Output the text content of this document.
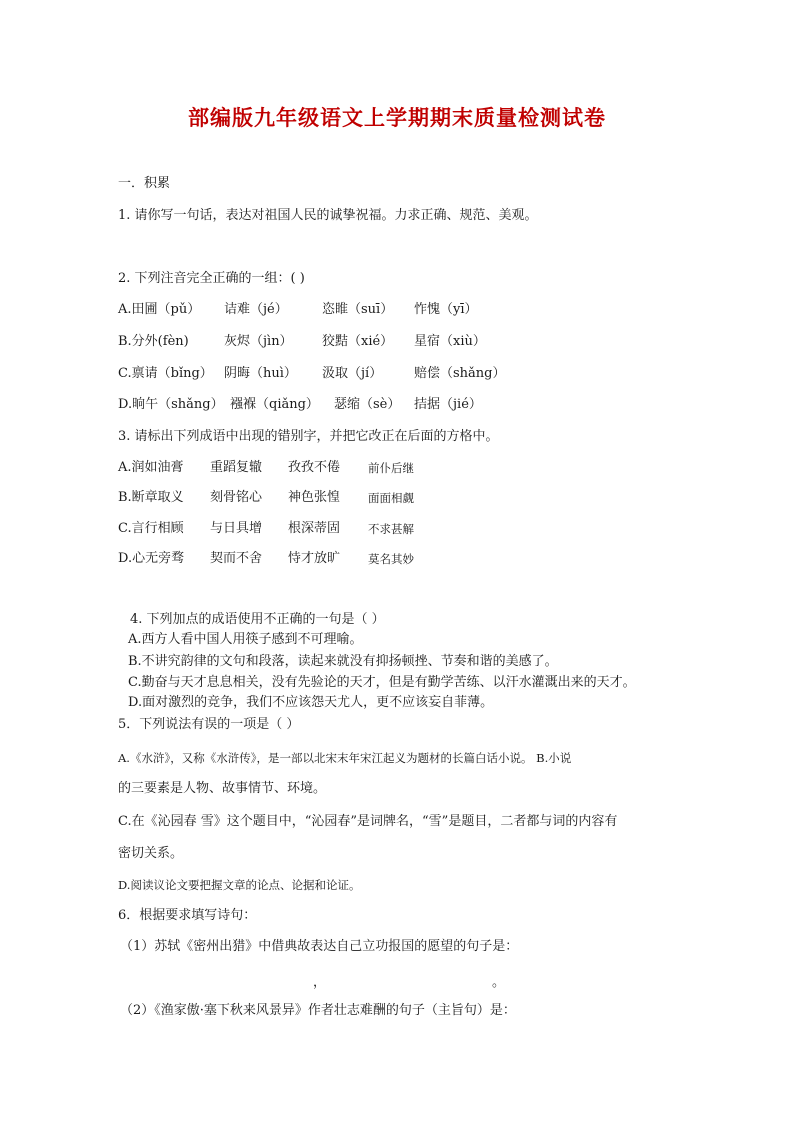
部编版九年级语文上学期期末质量检测试卷
一．积累
1. 请你写一句话，表达对祖国人民的诚挚祝福。力求正确、规范、美观。
2. 下列注音完全正确的一组：( )
A.田圃（pǔ） 诘难（jé）	恣睢（suī） 怍愧（yī）
B.分外(fèn)	灰烬（jìn） 狡黠（xié） 星宿（xiù）
C.禀请（bǐng） 阴晦（huì） 汲取（jí） 赔偿（shǎng）
D.晌午（shǎng） 襁褓（qiǎng） 瑟缩（sè） 拮据（jié）
3. 请标出下列成语中出现的错别字，并把它改正在后面的方格中。
A.润如油膏 重蹈复辙 孜孜不倦 前仆后继
B.断章取义 刻骨铭心 神色张惶 面面相觑
C.言行相顾 与日具增 根深蒂固 不求甚解
D.心无旁骛 契而不舍 恃才放旷 莫名其妙
4. 下列加点的成语使用不正确的一句是（ ）
A.西方人看中国人用筷子感到不可理喻。
B.不讲究韵律的文句和段落，读起来就没有抑扬顿挫、节奏和谐的美感了。
C.勤奋与天才息息相关，没有先验论的天才，但是有勤学苦练、以汗水灌溉出来的天才。
D.面对激烈的竞争，我们不应该怨天尤人，更不应该妄自菲薄。
5．下列说法有误的一项是（ ）
A.《水浒》，又称《水浒传》，是一部以北宋末年宋江起义为题材的长篇白话小说。 B.小说
的三要素是人物、故事情节、环境。
C.在《沁园春 雪》这个题目中，“沁园春”是词牌名，“雪”是题目，二者都与词的内容有
密切关系。
D.阅读议论文要把握文章的论点、论据和论证。
6．根据要求填写诗句：
（1）苏轼《密州出猎》中借典故表达自己立功报国的愿望的句子是：
，	。
（2）《渔家傲·塞下秋来风景异》作者壮志难酬的句子（主旨句）是：
